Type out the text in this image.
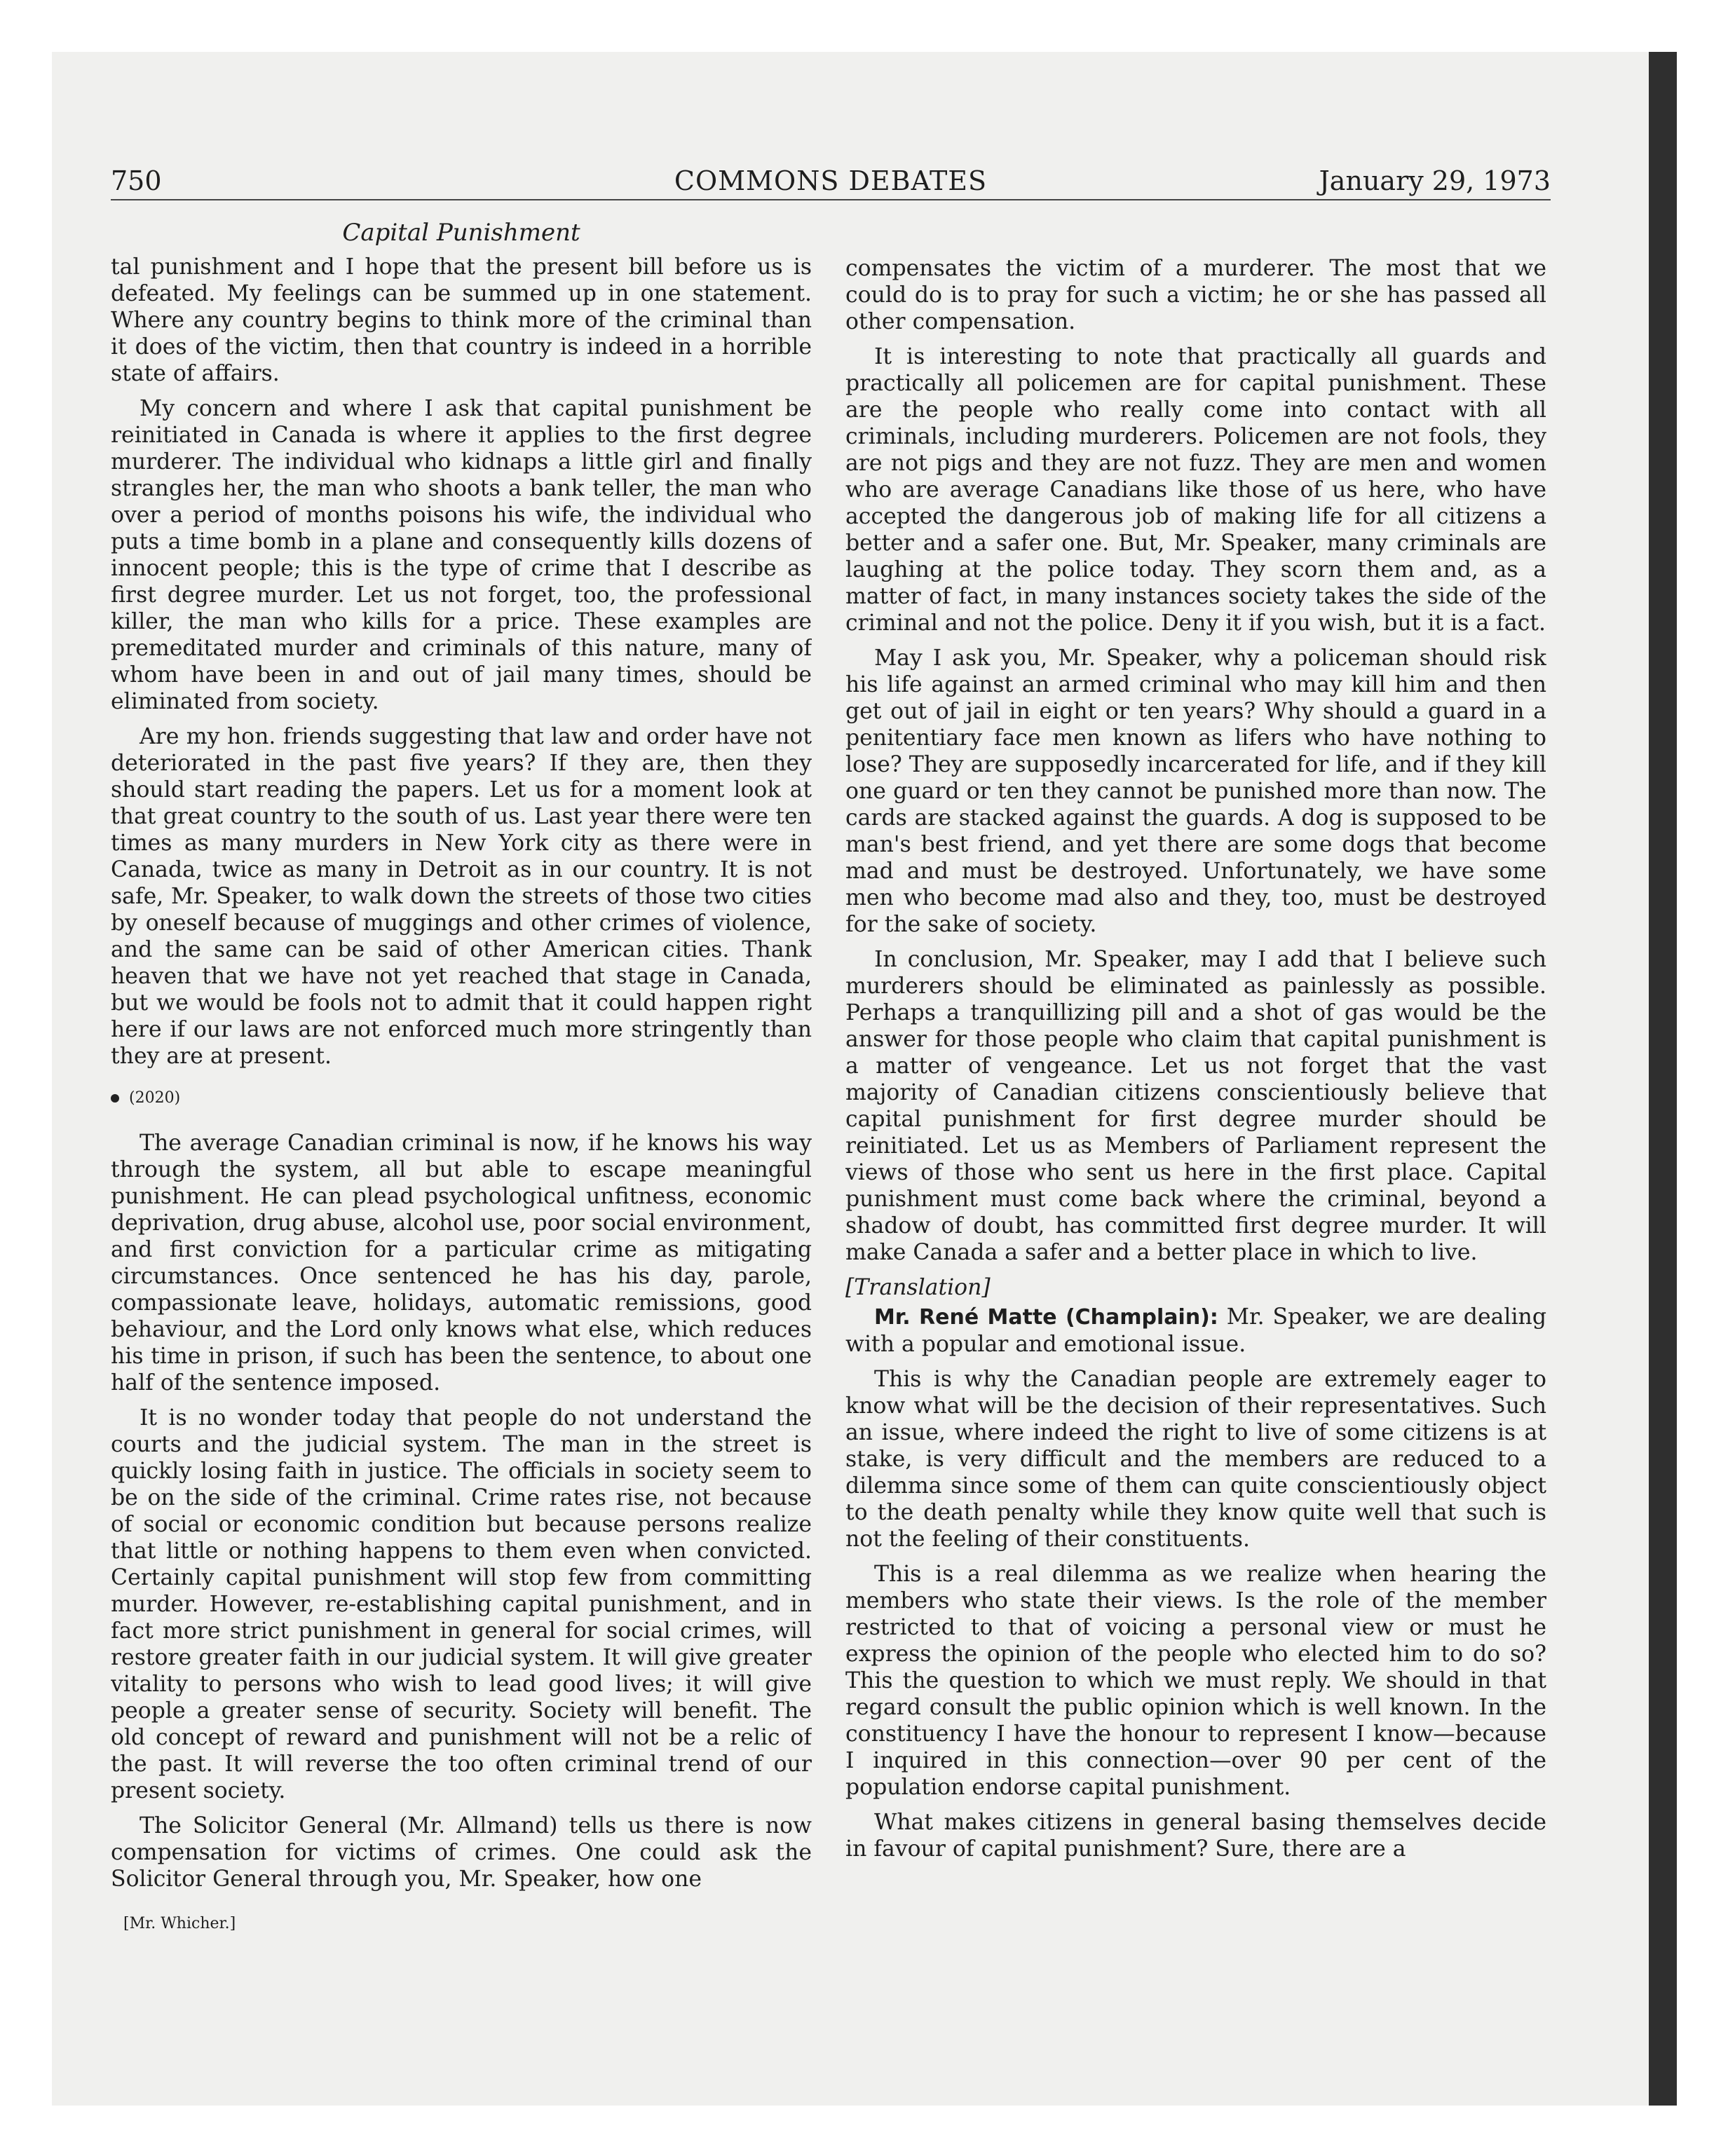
750	COMMONS DEBATES	January 29, 1973
Capital Punishment

tal punishment and I hope that the present bill before us is defeated. My feelings can be summed up in one statement. Where any country begins to think more of the criminal than it does of the victim, then that country is indeed in a horrible state of affairs.

My concern and where I ask that capital punishment be reinitiated in Canada is where it applies to the first degree murderer. The individual who kidnaps a little girl and finally strangles her, the man who shoots a bank teller, the man who over a period of months poisons his wife, the individual who puts a time bomb in a plane and consequently kills dozens of innocent people; this is the type of crime that I describe as first degree murder. Let us not forget, too, the professional killer, the man who kills for a price. These examples are premeditated murder and criminals of this nature, many of whom have been in and out of jail many times, should be eliminated from society.

Are my hon. friends suggesting that law and order have not deteriorated in the past five years? If they are, then they should start reading the papers. Let us for a moment look at that great country to the south of us. Last year there were ten times as many murders in New York city as there were in Canada, twice as many in Detroit as in our country. It is not safe, Mr. Speaker, to walk down the streets of those two cities by oneself because of muggings and other crimes of violence, and the same can be said of other American cities. Thank heaven that we have not yet reached that stage in Canada, but we would be fools not to admit that it could happen right here if our laws are not enforced much more stringently than they are at present.

(2020)

The average Canadian criminal is now, if he knows his way through the system, all but able to escape meaningful punishment. He can plead psychological unfitness, economic deprivation, drug abuse, alcohol use, poor social environment, and first conviction for a particular crime as mitigating circumstances. Once sentenced he has his day, parole, compassionate leave, holidays, automatic remissions, good behaviour, and the Lord only knows what else, which reduces his time in prison, if such has been the sentence, to about one half of the sentence imposed.

It is no wonder today that people do not understand the courts and the judicial system. The man in the street is quickly losing faith in justice. The officials in society seem to be on the side of the criminal. Crime rates rise, not because of social or economic condition but because persons realize that little or nothing happens to them even when convicted. Certainly capital punishment will stop few from committing murder. However, re-establishing capital punishment, and in fact more strict punishment in general for social crimes, will restore greater faith in our judicial system. It will give greater vitality to persons who wish to lead good lives; it will give people a greater sense of security. Society will benefit. The old concept of reward and punishment will not be a relic of the past. It will reverse the too often criminal trend of our present society.

The Solicitor General (Mr. Allmand) tells us there is now compensation for victims of crimes. One could ask the Solicitor General through you, Mr. Speaker, how one

[Mr. Whicher.]

compensates the victim of a murderer. The most that we could do is to pray for such a victim; he or she has passed all other compensation.

It is interesting to note that practically all guards and practically all policemen are for capital punishment. These are the people who really come into contact with all criminals, including murderers. Policemen are not fools, they are not pigs and they are not fuzz. They are men and women who are average Canadians like those of us here, who have accepted the dangerous job of making life for all citizens a better and a safer one. But, Mr. Speaker, many criminals are laughing at the police today. They scorn them and, as a matter of fact, in many instances society takes the side of the criminal and not the police. Deny it if you wish, but it is a fact.

May I ask you, Mr. Speaker, why a policeman should risk his life against an armed criminal who may kill him and then get out of jail in eight or ten years? Why should a guard in a penitentiary face men known as lifers who have nothing to lose? They are supposedly incarcerated for life, and if they kill one guard or ten they cannot be punished more than now. The cards are stacked against the guards. A dog is supposed to be man's best friend, and yet there are some dogs that become mad and must be destroyed. Unfortunately, we have some men who become mad also and they, too, must be destroyed for the sake of society.

In conclusion, Mr. Speaker, may I add that I believe such murderers should be eliminated as painlessly as possible. Perhaps a tranquillizing pill and a shot of gas would be the answer for those people who claim that capital punishment is a matter of vengeance. Let us not forget that the vast majority of Canadian citizens conscientiously believe that capital punishment for first degree murder should be reinitiated. Let us as Members of Parliament represent the views of those who sent us here in the first place. Capital punishment must come back where the criminal, beyond a shadow of doubt, has committed first degree murder. It will make Canada a safer and a better place in which to live.

[Translation]

Mr. René Matte (Champlain): Mr. Speaker, we are dealing with a popular and emotional issue.

This is why the Canadian people are extremely eager to know what will be the decision of their representatives. Such an issue, where indeed the right to live of some citizens is at stake, is very difficult and the members are reduced to a dilemma since some of them can quite conscientiously object to the death penalty while they know quite well that such is not the feeling of their constituents.

This is a real dilemma as we realize when hearing the members who state their views. Is the role of the member restricted to that of voicing a personal view or must he express the opinion of the people who elected him to do so? This the question to which we must reply. We should in that regard consult the public opinion which is well known. In the constituency I have the honour to represent I know—because I inquired in this connection—over 90 per cent of the population endorse capital punishment.

What makes citizens in general basing themselves decide in favour of capital punishment? Sure, there are a
